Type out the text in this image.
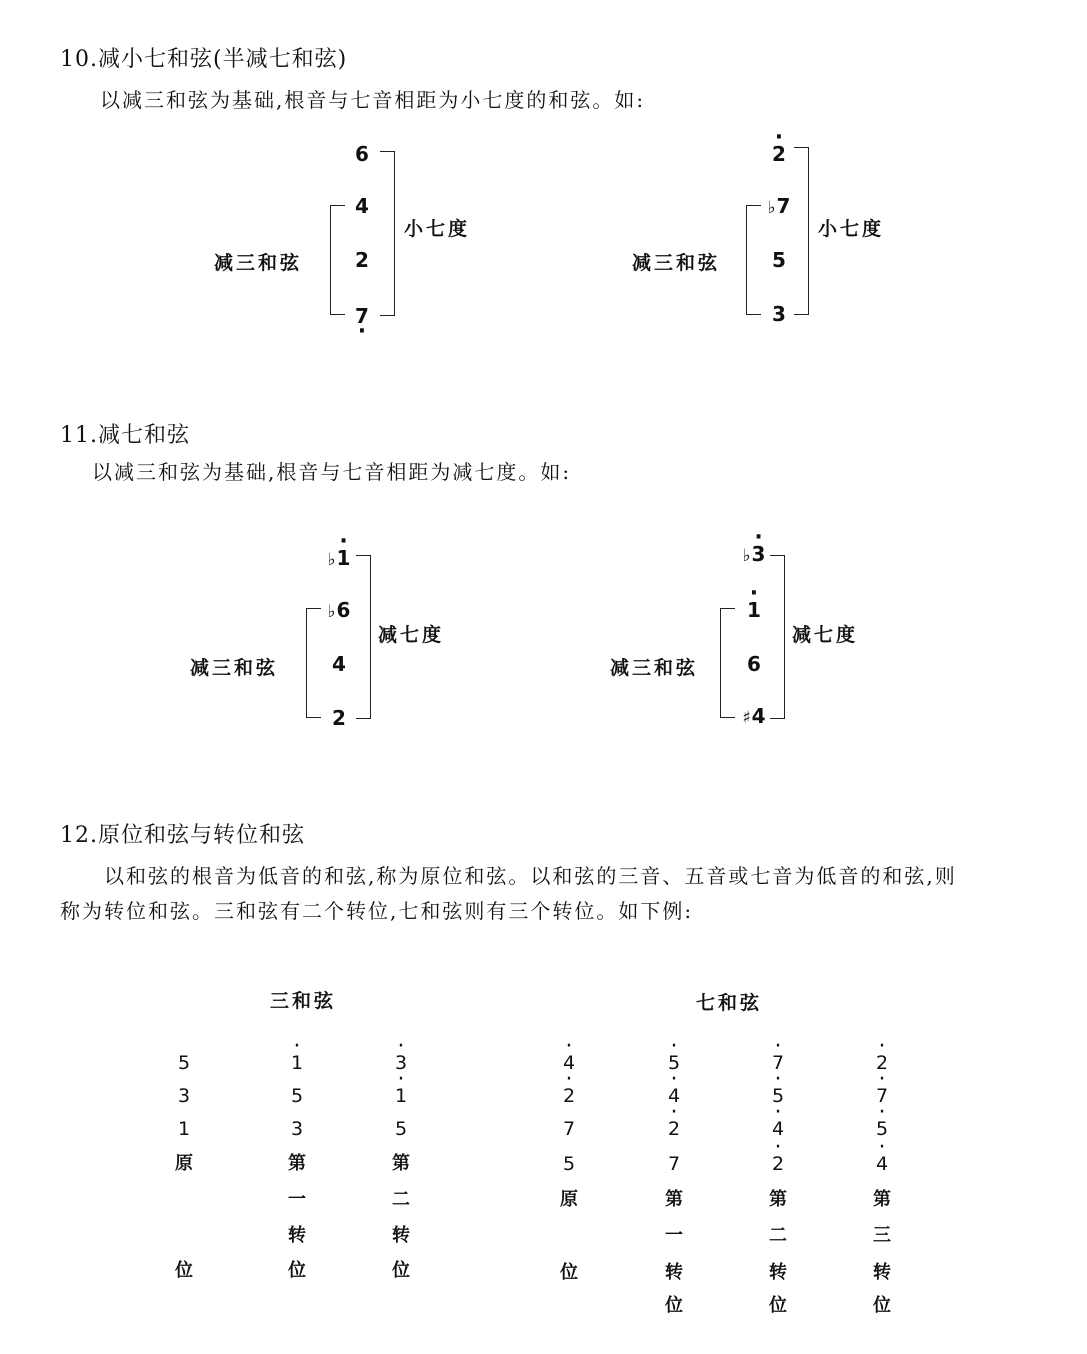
10.减小七和弦(半减七和弦)
以减三和弦为基础,根音与七音相距为小七度的和弦。如:
6
4
2
7 ·
减三和弦
小七度
· 2
♭7
5
3
减三和弦
小七度
11.减七和弦
以减三和弦为基础,根音与七音相距为减七度。如:
♭· 1
♭6
4
2
减三和弦
减七度
♭· 3
· 1
6
♯4
减三和弦
减七度
12.原位和弦与转位和弦
以和弦的根音为低音的和弦,称为原位和弦。以和弦的三音、五音或七音为低音的和弦,则
称为转位和弦。三和弦有二个转位,七和弦则有三个转位。如下例:
三和弦
5
3
1
原
位
· 1
5
3
第
一
转
位
· 3
· 1
5
第
二
转
位
七和弦
· 4
· 2
7
5
原
位
· 5
· 4
· 2
7
第
一
转
位
· 7
· 5
· 4
· 2
第
二
转
位
· 2
· 7
· 5
· 4
第
三
转
位
